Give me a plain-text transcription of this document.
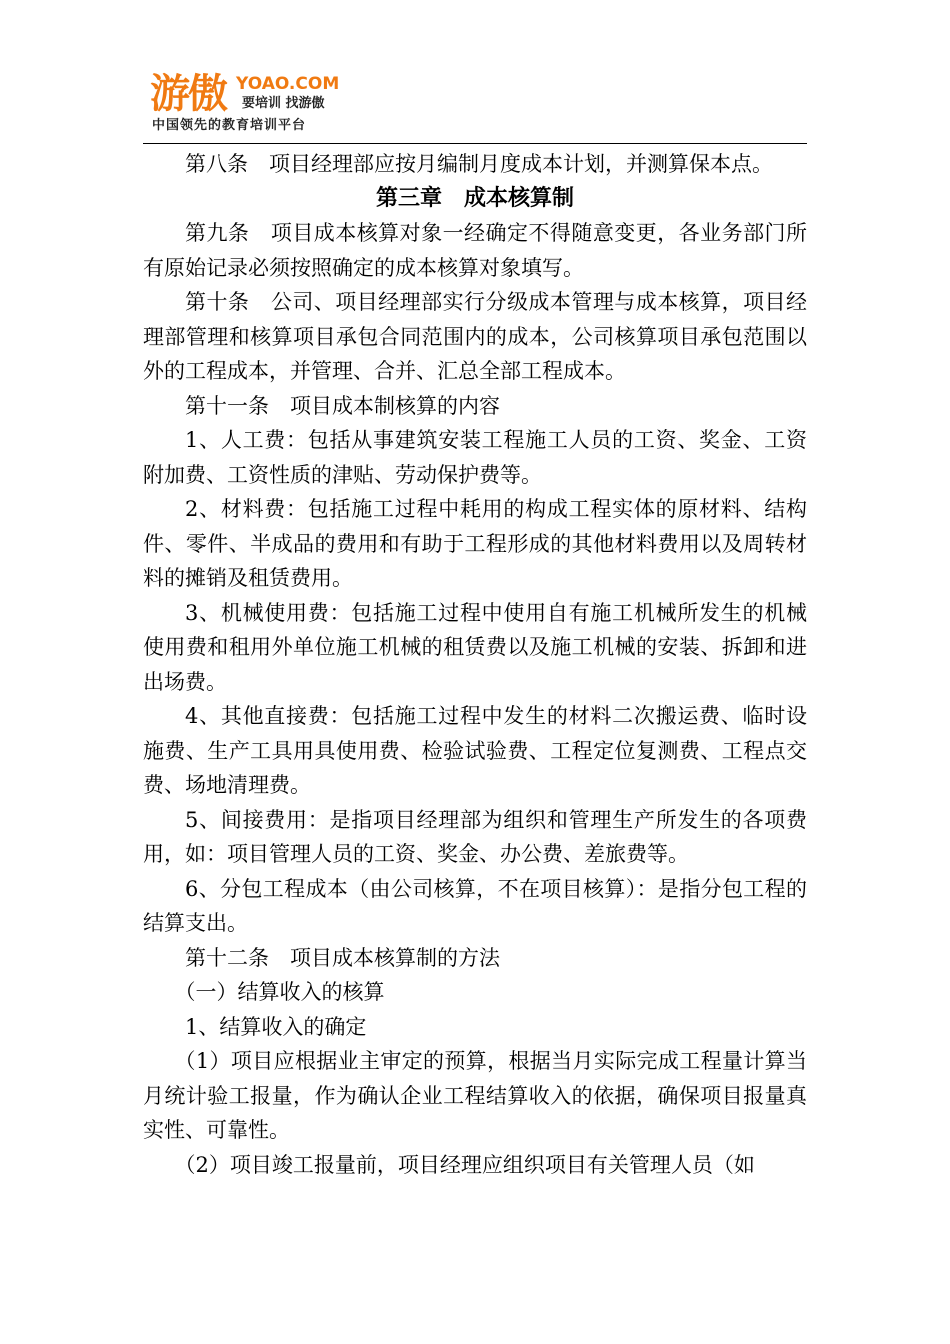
游傲 YOAO.COM
要培训 找游傲
中国领先的教育培训平台

第八条　项目经理部应按月编制月度成本计划，并测算保本点。

第三章　成本核算制

第九条　项目成本核算对象一经确定不得随意变更，各业务部门所有原始记录必须按照确定的成本核算对象填写。

第十条　公司、项目经理部实行分级成本管理与成本核算，项目经理部管理和核算项目承包合同范围内的成本，公司核算项目承包范围以外的工程成本，并管理、合并、汇总全部工程成本。

第十一条　项目成本制核算的内容

1、人工费：包括从事建筑安装工程施工人员的工资、奖金、工资附加费、工资性质的津贴、劳动保护费等。

2、材料费：包括施工过程中耗用的构成工程实体的原材料、结构件、零件、半成品的费用和有助于工程形成的其他材料费用以及周转材料的摊销及租赁费用。

3、机械使用费：包括施工过程中使用自有施工机械所发生的机械使用费和租用外单位施工机械的租赁费以及施工机械的安装、拆卸和进出场费。

4、其他直接费：包括施工过程中发生的材料二次搬运费、临时设施费、生产工具用具使用费、检验试验费、工程定位复测费、工程点交费、场地清理费。

5、间接费用：是指项目经理部为组织和管理生产所发生的各项费用，如：项目管理人员的工资、奖金、办公费、差旅费等。

6、分包工程成本（由公司核算，不在项目核算）：是指分包工程的结算支出。

第十二条　项目成本核算制的方法

（一）结算收入的核算

1、结算收入的确定

（1）项目应根据业主审定的预算，根据当月实际完成工程量计算当月统计验工报量，作为确认企业工程结算收入的依据，确保项目报量真实性、可靠性。

（2）项目竣工报量前，项目经理应组织项目有关管理人员（如
